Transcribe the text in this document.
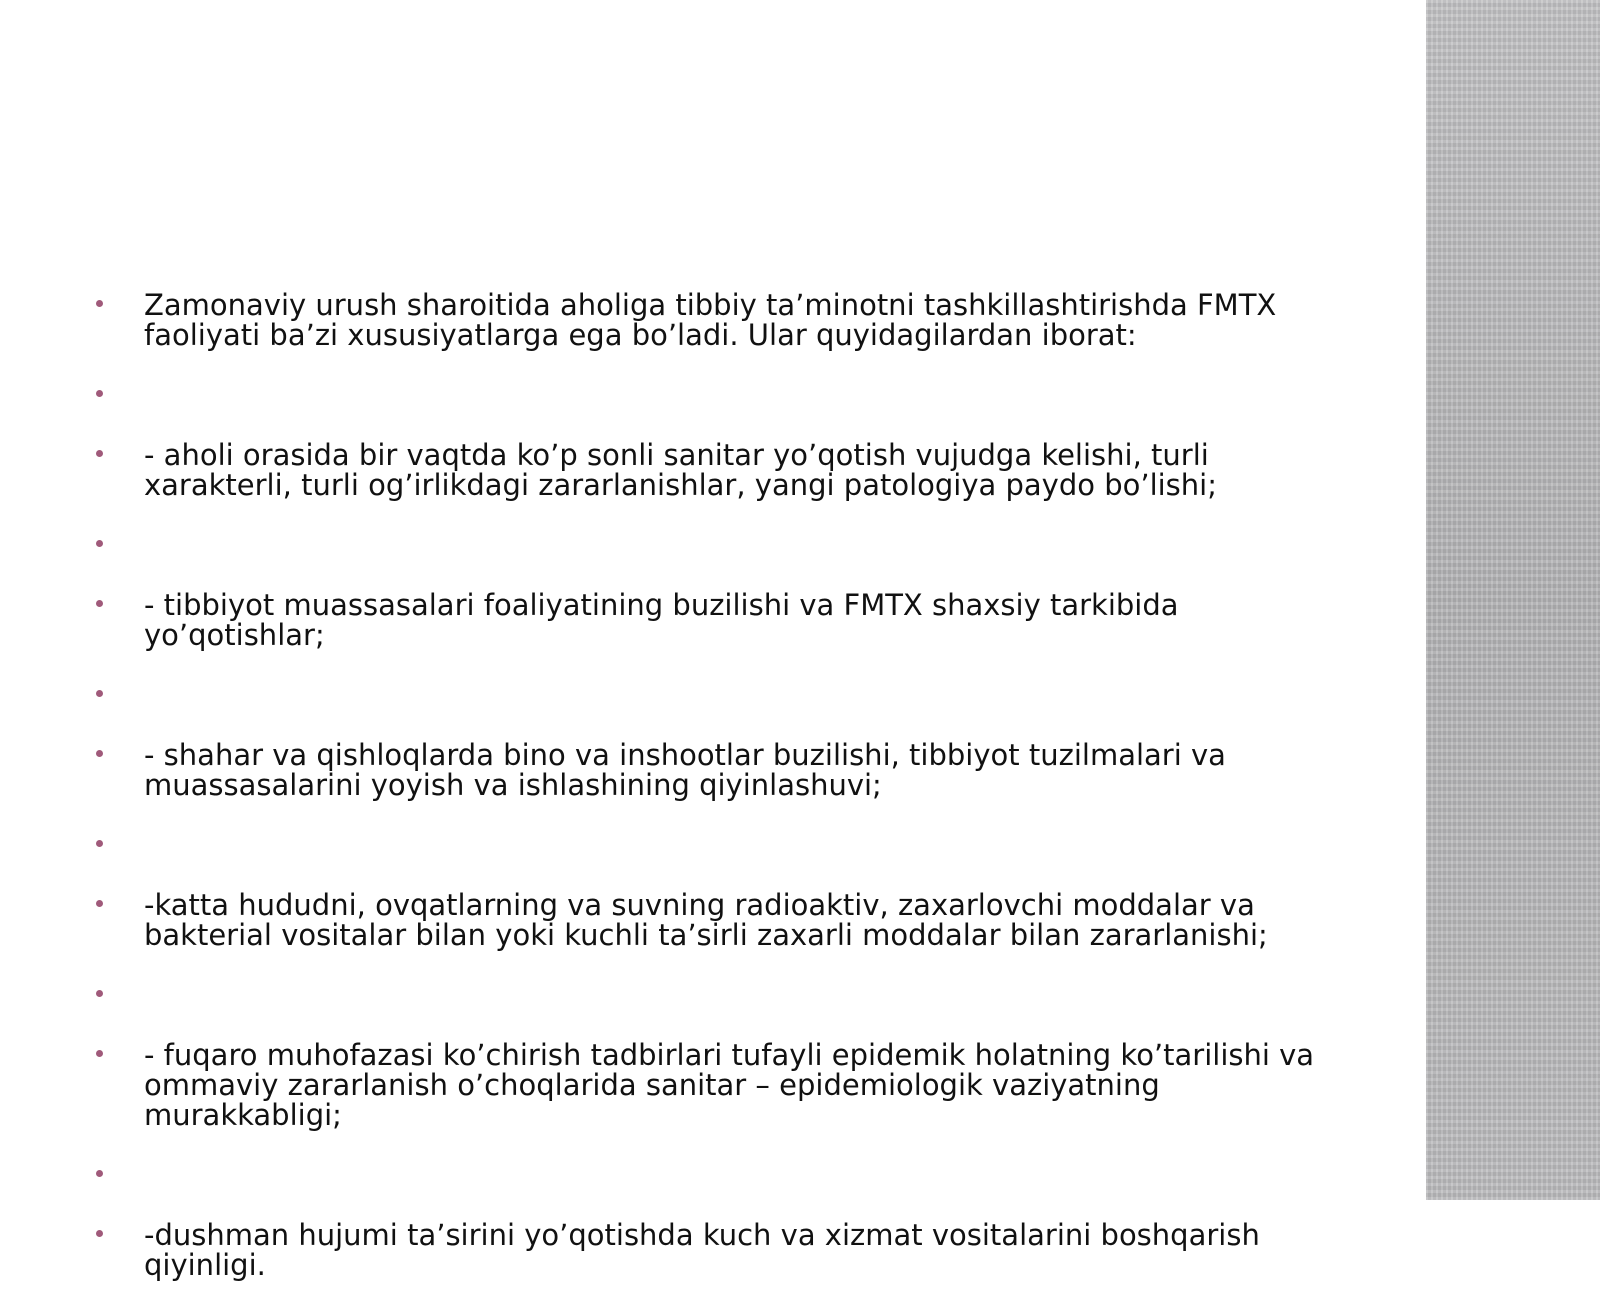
Zamonaviy urush sharoitida aholiga tibbiy ta’minotni tashkillashtirishda FMTX faoliyati ba’zi xususiyatlarga ega bo’ladi. Ular quyidagilardan iborat:
- aholi orasida bir vaqtda ko’p sonli sanitar yo’qotish vujudga kelishi, turli xarakterli, turli og’irlikdagi zararlanishlar, yangi patologiya paydo bo’lishi;
- tibbiyot muassasalari foaliyatining buzilishi va FMTX shaxsiy tarkibida yo’qotishlar;
- shahar va qishloqlarda bino va inshootlar buzilishi, tibbiyot tuzilmalari va muassasalarini yoyish va ishlashining qiyinlashuvi;
-katta hududni, ovqatlarning va suvning radioaktiv, zaxarlovchi moddalar va bakterial vositalar bilan yoki kuchli ta’sirli zaxarli moddalar bilan zararlanishi;
- fuqaro muhofazasi ko’chirish tadbirlari tufayli epidemik holatning ko’tarilishi va ommaviy zararlanish o’choqlarida sanitar – epidemiologik vaziyatning murakkabligi;
-dushman hujumi ta’sirini yo’qotishda kuch va xizmat vositalarini boshqarish qiyinligi.
